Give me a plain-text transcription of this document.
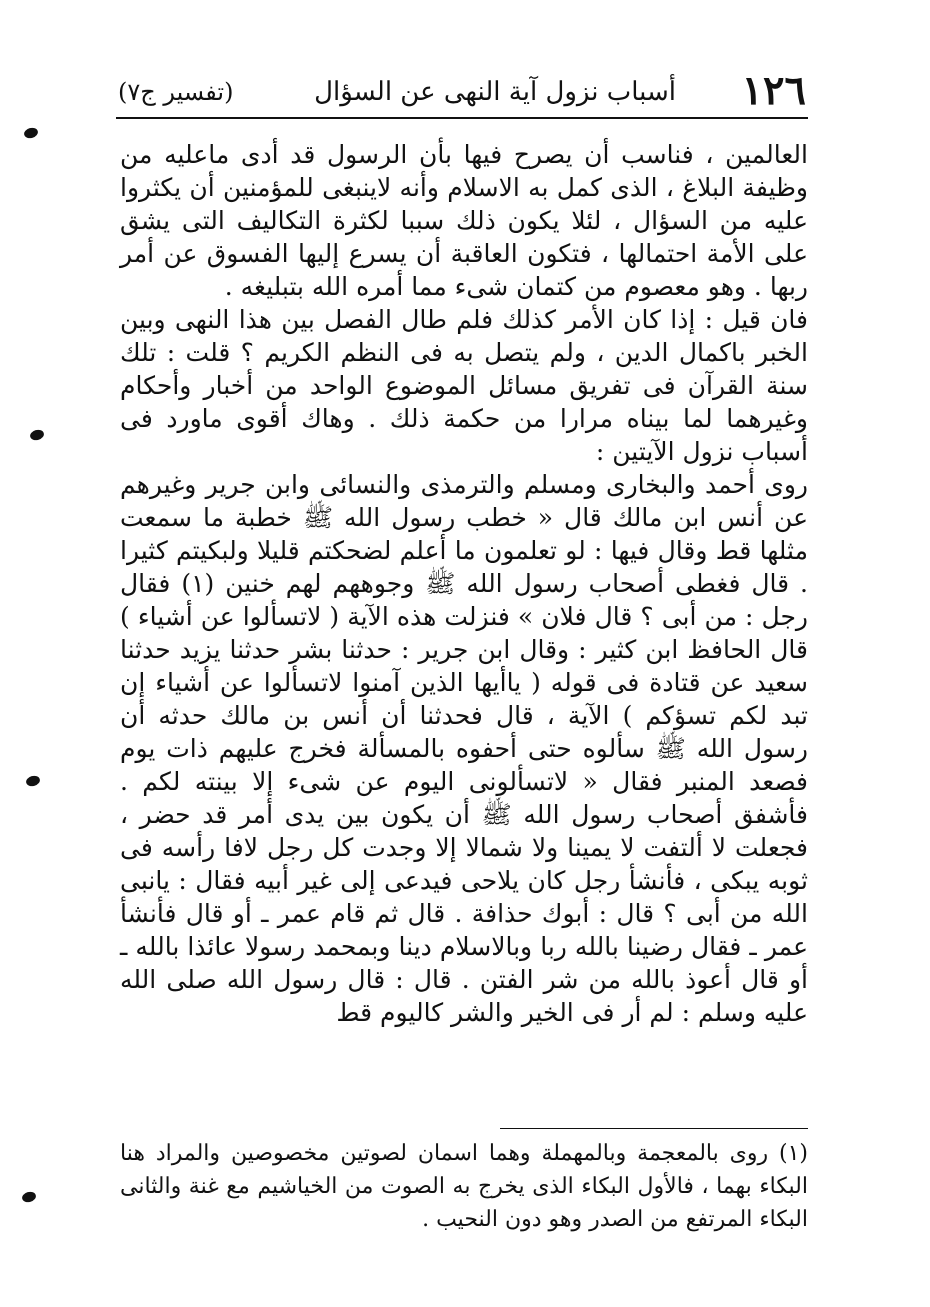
١٢٦
أسباب نزول آية النهى عن السؤال
(تفسير ج٧)

العالمين ، فناسب أن يصرح فيها بأن الرسول قد أدى ماعليه من وظيفة البلاغ ، الذى كمل به الاسلام وأنه لاينبغى للمؤمنين أن يكثروا عليه من السؤال ، لئلا يكون ذلك سببا لكثرة التكاليف التى يشق على الأمة احتمالها ، فتكون العاقبة أن يسرع إليها الفسوق عن أمر ربها . وهو معصوم من كتمان شىء مما أمره الله بتبليغه .

فان قيل : إذا كان الأمر كذلك فلم طال الفصل بين هذا النهى وبين الخبر باكمال الدين ، ولم يتصل به فى النظم الكريم ؟ قلت : تلك سنة القرآن فى تفريق مسائل الموضوع الواحد من أخبار وأحكام وغيرهما لما بيناه مرارا من حكمة ذلك . وهاك أقوى ماورد فى أسباب نزول الآيتين :

روى أحمد والبخارى ومسلم والترمذى والنسائى وابن جرير وغيرهم عن أنس ابن مالك قال « خطب رسول الله ﷺ خطبة ما سمعت مثلها قط وقال فيها : لو تعلمون ما أعلم لضحكتم قليلا ولبكيتم كثيرا . قال فغطى أصحاب رسول الله ﷺ وجوههم لهم خنين (١) فقال رجل : من أبى ؟ قال فلان » فنزلت هذه الآية ( لاتسألوا عن أشياء ) قال الحافظ ابن كثير : وقال ابن جرير : حدثنا بشر حدثنا يزيد حدثنا سعيد عن قتادة فى قوله ( ياأيها الذين آمنوا لاتسألوا عن أشياء إن تبد لكم تسؤكم ) الآية ، قال فحدثنا أن أنس بن مالك حدثه أن رسول الله ﷺ سألوه حتى أحفوه بالمسألة فخرج عليهم ذات يوم فصعد المنبر فقال « لاتسألونى اليوم عن شىء إلا بينته لكم . فأشفق أصحاب رسول الله ﷺ أن يكون بين يدى أمر قد حضر ، فجعلت لا ألتفت لا يمينا ولا شمالا إلا وجدت كل رجل لافا رأسه فى ثوبه يبكى ، فأنشأ رجل كان يلاحى فيدعى إلى غير أبيه فقال : يانبى الله من أبى ؟ قال : أبوك حذافة . قال ثم قام عمر ـ أو قال فأنشأ عمر ـ فقال رضينا بالله ربا وبالاسلام دينا وبمحمد رسولا عائذا بالله ـ أو قال أعوذ بالله من شر الفتن . قال : قال رسول الله صلى الله عليه وسلم : لم أر فى الخير والشر كاليوم قط

(١) روى بالمعجمة وبالمهملة وهما اسمان لصوتين مخصوصين والمراد هنا البكاء بهما ، فالأول البكاء الذى يخرج به الصوت من الخياشيم مع غنة والثانى البكاء المرتفع من الصدر وهو دون النحيب .
